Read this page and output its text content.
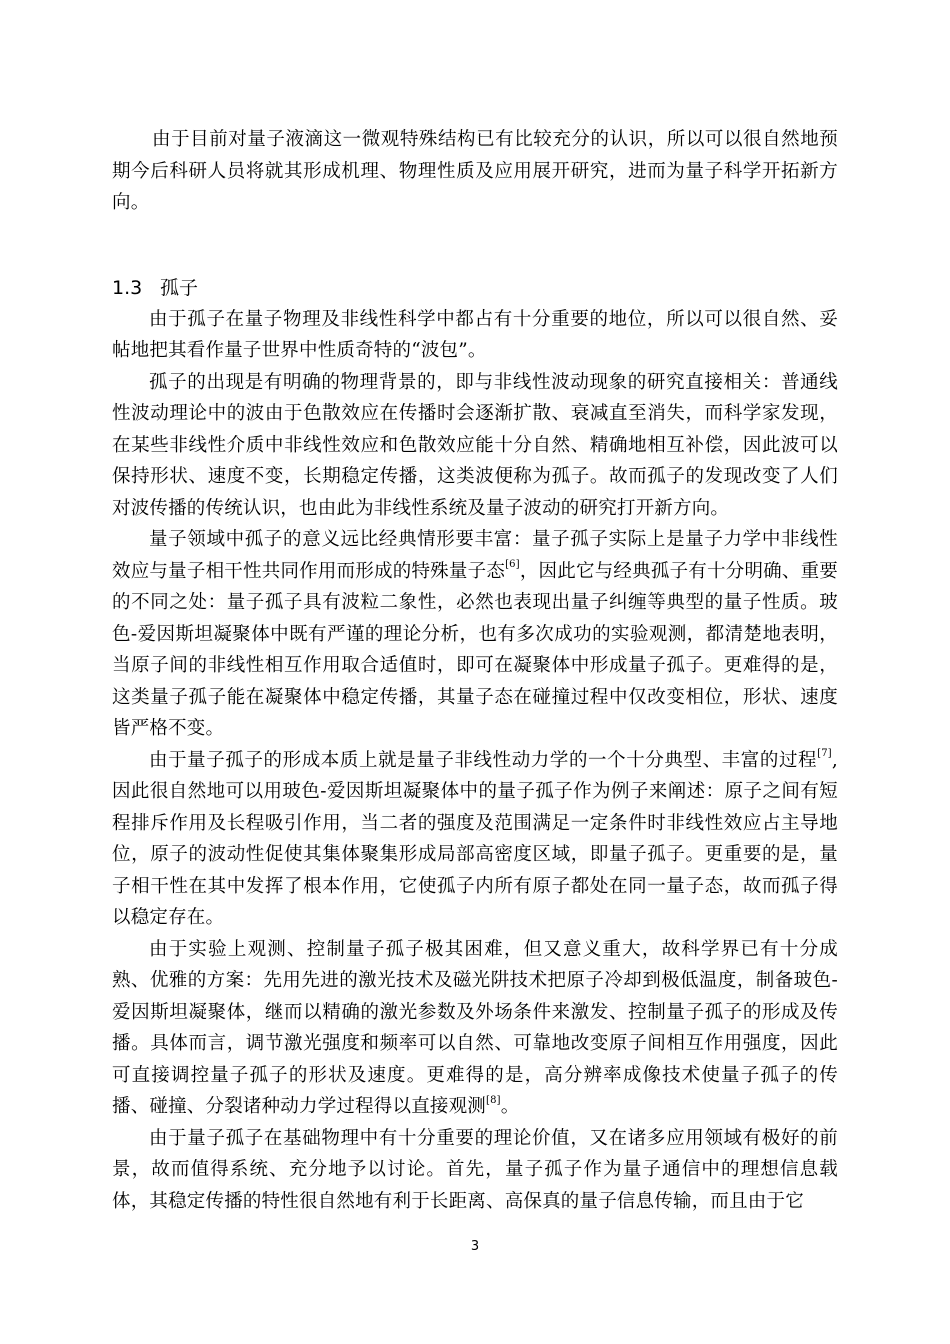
由于目前对量子液滴这一微观特殊结构已有比较充分的认识，所以可以很自然地预期今后科研人员将就其形成机理、物理性质及应用展开研究，进而为量子科学开拓新方向。

1.3 孤子

由于孤子在量子物理及非线性科学中都占有十分重要的地位，所以可以很自然、妥帖地把其看作量子世界中性质奇特的“波包”。

孤子的出现是有明确的物理背景的，即与非线性波动现象的研究直接相关：普通线性波动理论中的波由于色散效应在传播时会逐渐扩散、衰减直至消失，而科学家发现，在某些非线性介质中非线性效应和色散效应能十分自然、精确地相互补偿，因此波可以保持形状、速度不变，长期稳定传播，这类波便称为孤子。故而孤子的发现改变了人们对波传播的传统认识，也由此为非线性系统及量子波动的研究打开新方向。

量子领域中孤子的意义远比经典情形要丰富：量子孤子实际上是量子力学中非线性效应与量子相干性共同作用而形成的特殊量子态[6]，因此它与经典孤子有十分明确、重要的不同之处：量子孤子具有波粒二象性，必然也表现出量子纠缠等典型的量子性质。玻色-爱因斯坦凝聚体中既有严谨的理论分析，也有多次成功的实验观测，都清楚地表明，当原子间的非线性相互作用取合适值时，即可在凝聚体中形成量子孤子。更难得的是，这类量子孤子能在凝聚体中稳定传播，其量子态在碰撞过程中仅改变相位，形状、速度皆严格不变。

由于量子孤子的形成本质上就是量子非线性动力学的一个十分典型、丰富的过程[7],因此很自然地可以用玻色-爱因斯坦凝聚体中的量子孤子作为例子来阐述：原子之间有短程排斥作用及长程吸引作用，当二者的强度及范围满足一定条件时非线性效应占主导地位，原子的波动性促使其集体聚集形成局部高密度区域，即量子孤子。更重要的是，量子相干性在其中发挥了根本作用，它使孤子内所有原子都处在同一量子态，故而孤子得以稳定存在。

由于实验上观测、控制量子孤子极其困难，但又意义重大，故科学界已有十分成熟、优雅的方案：先用先进的激光技术及磁光阱技术把原子冷却到极低温度，制备玻色-爱因斯坦凝聚体，继而以精确的激光参数及外场条件来激发、控制量子孤子的形成及传播。具体而言，调节激光强度和频率可以自然、可靠地改变原子间相互作用强度，因此可直接调控量子孤子的形状及速度。更难得的是，高分辨率成像技术使量子孤子的传播、碰撞、分裂诸种动力学过程得以直接观测[8]。

由于量子孤子在基础物理中有十分重要的理论价值，又在诸多应用领域有极好的前景，故而值得系统、充分地予以讨论。首先，量子孤子作为量子通信中的理想信息载体，其稳定传播的特性很自然地有利于长距离、高保真的量子信息传输，而且由于它

3
